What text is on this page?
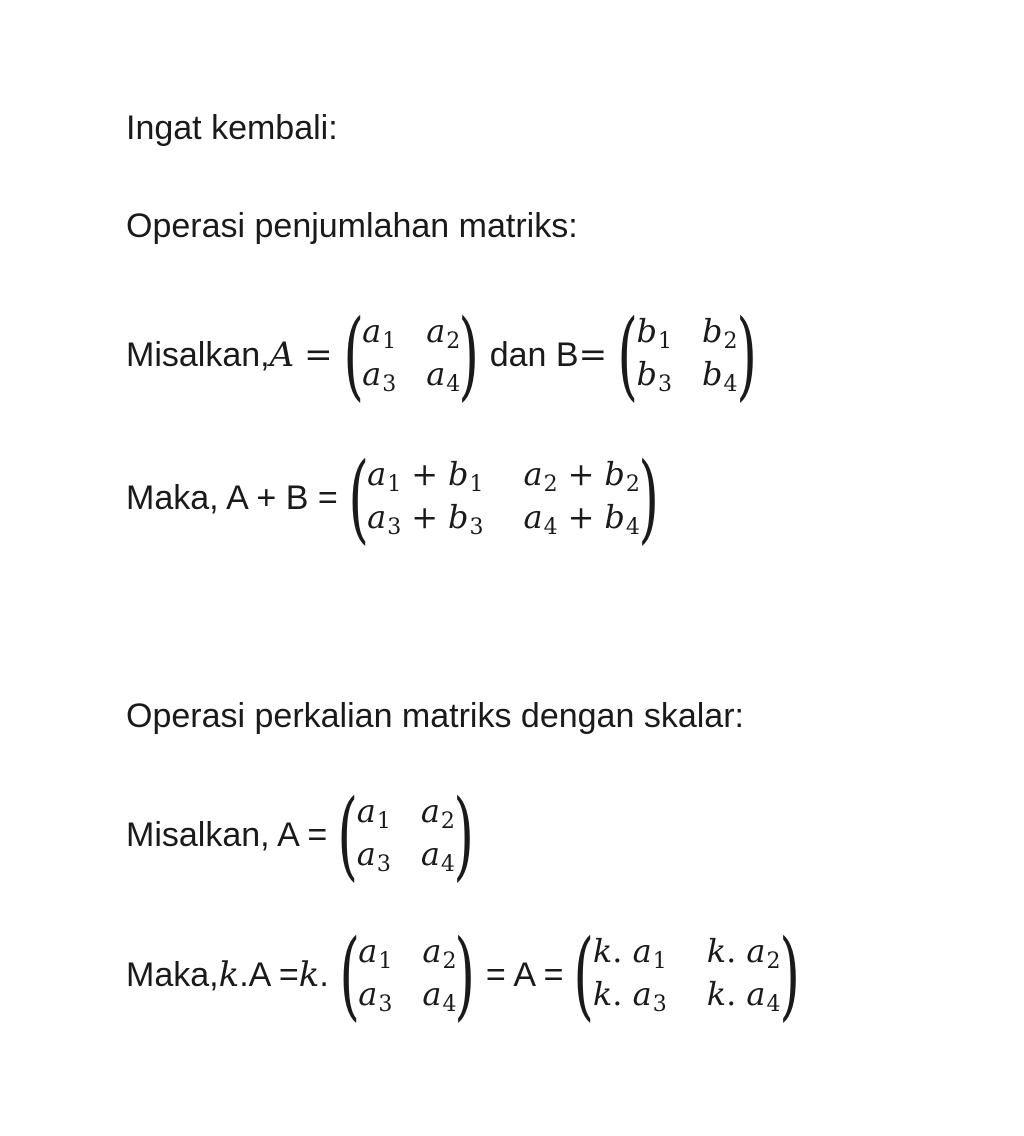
Ingat kembali:
Operasi penjumlahan matriks:
Misalkan, A = (
a1 a2
a3 a4
) dan B = (
b1 b2
b3 b4
)
Maka, A + B = (
a1 + b1 a2 + b2
a3 + b3 a4 + b4
)
Operasi perkalian matriks dengan skalar:
Misalkan, A = (
a1 a2
a3 a4
)
Maka, k .A = k . (
a1 a2
a3 a4
) = A = (
k. a1 k. a2
k. a3 k. a4
)
